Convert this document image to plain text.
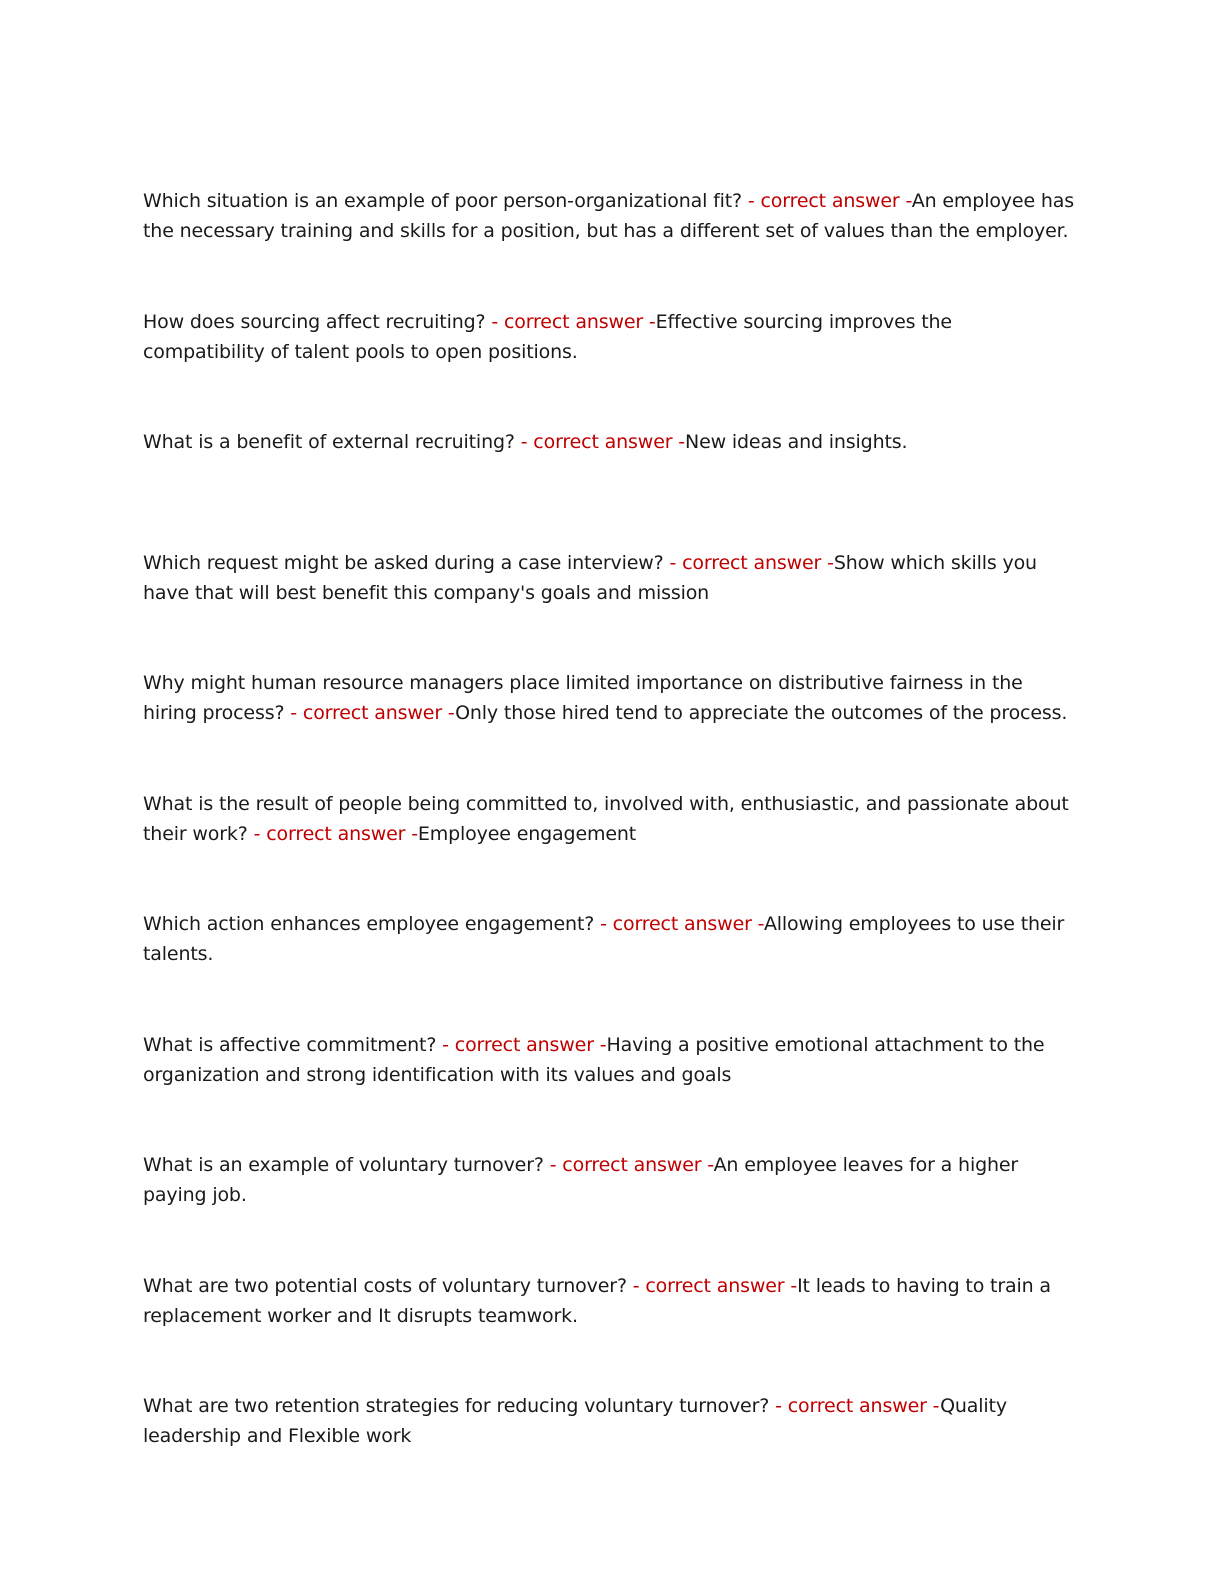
Which situation is an example of poor person-organizational fit? - correct answer -An employee has the necessary training and skills for a position, but has a different set of values than the employer.

How does sourcing affect recruiting? - correct answer -Effective sourcing improves the compatibility of talent pools to open positions.

What is a benefit of external recruiting? - correct answer -New ideas and insights.

Which request might be asked during a case interview? - correct answer -Show which skills you have that will best benefit this company's goals and mission

Why might human resource managers place limited importance on distributive fairness in the hiring process? - correct answer -Only those hired tend to appreciate the outcomes of the process.

What is the result of people being committed to, involved with, enthusiastic, and passionate about their work? - correct answer -Employee engagement

Which action enhances employee engagement? - correct answer -Allowing employees to use their talents.

What is affective commitment? - correct answer -Having a positive emotional attachment to the organization and strong identification with its values and goals

What is an example of voluntary turnover? - correct answer -An employee leaves for a higher paying job.

What are two potential costs of voluntary turnover? - correct answer -It leads to having to train a replacement worker and It disrupts teamwork.

What are two retention strategies for reducing voluntary turnover? - correct answer -Quality leadership and Flexible work
